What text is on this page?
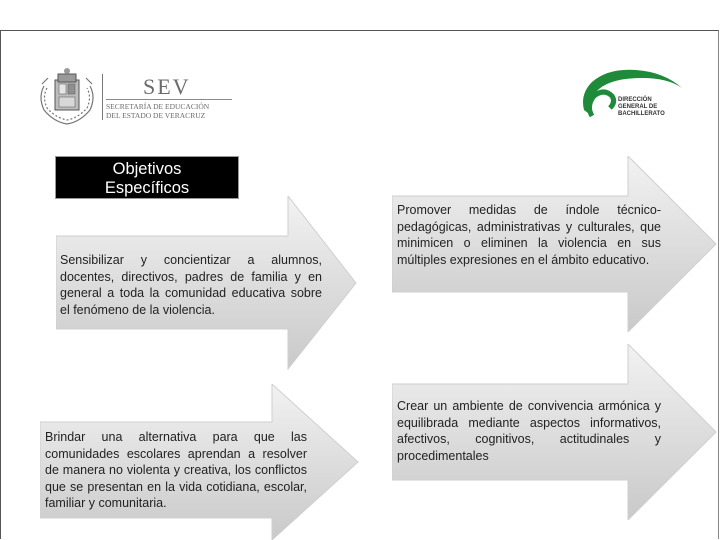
SEV
SECRETARÍA DE EDUCACIÓN
DEL ESTADO DE VERACRUZ
DIRECCIÓN
GENERAL DE
BACHILLERATO
Objetivos
Específicos
Sensibilizar y concientizar a alumnos, docentes, directivos, padres de familia y en general a toda la comunidad educativa sobre el fenómeno de la violencia.
Brindar una alternativa para que las comunidades escolares aprendan a resolver de manera no violenta y creativa, los conflictos que se presentan en la vida cotidiana, escolar, familiar y comunitaria.
Promover medidas de índole técnico-pedagógicas, administrativas y culturales, que minimicen o eliminen la violencia en sus múltiples expresiones en el ámbito educativo.
Crear un ambiente de convivencia armónica y equilibrada mediante aspectos informativos, afectivos, cognitivos, actitudinales y procedimentales
